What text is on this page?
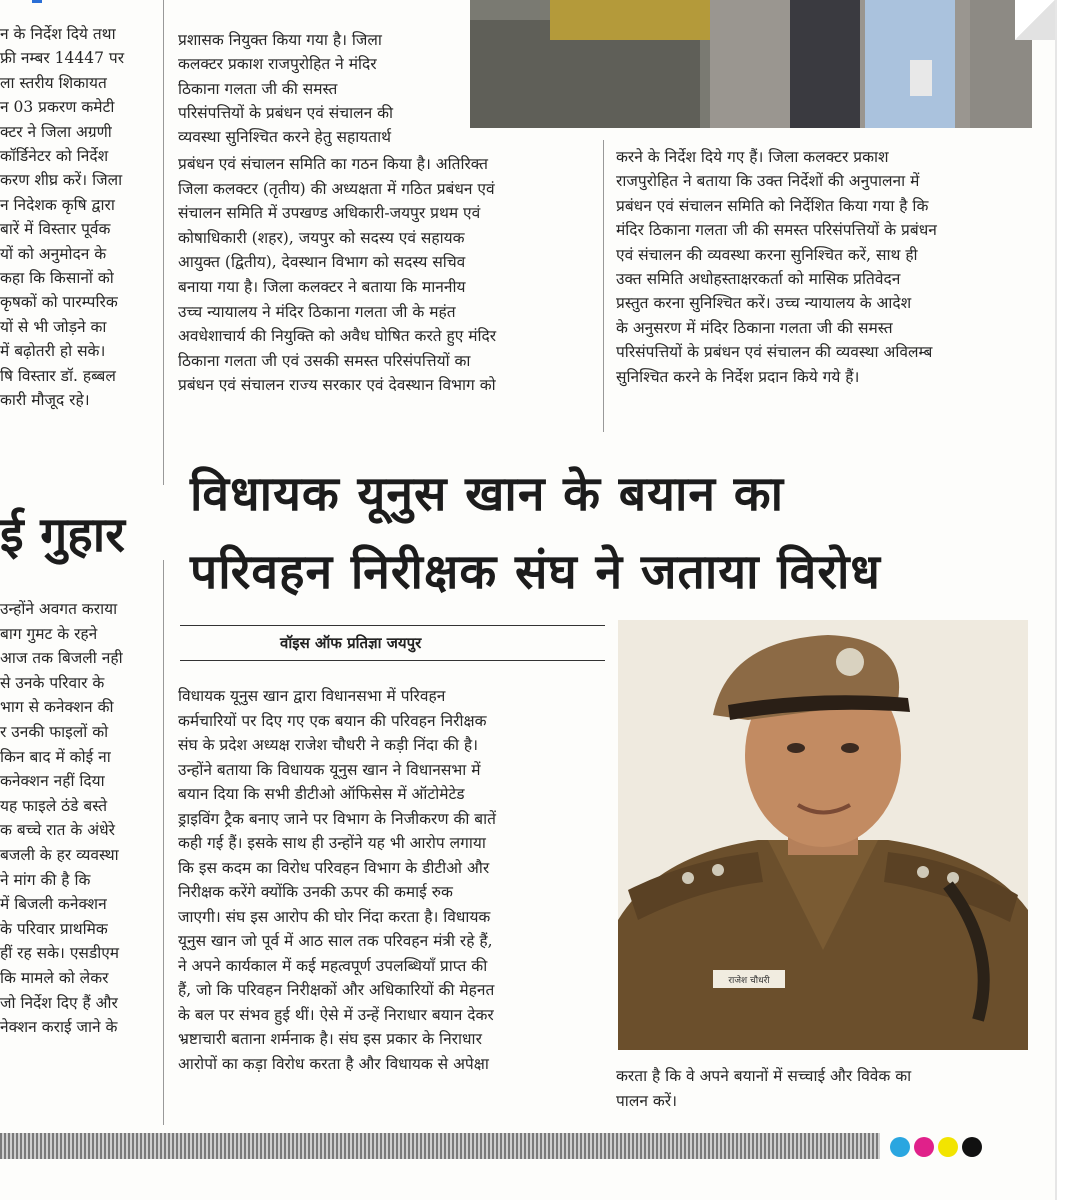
न के निर्देश दिये तथा

फ्री नम्बर 14447 पर

ला स्तरीय शिकायत

न 03 प्रकरण कमेटी

क्टर ने जिला अग्रणी

कॉर्डिनेटर को निर्देश

करण शीघ्र करें। जिला

न निदेशक कृषि द्वारा

बारें में विस्तार पूर्वक

यों को अनुमोदन के

कहा कि किसानों को

कृषकों को पारम्परिक

यों से भी जोड़ने का

में बढ़ोतरी हो सके।

षि विस्तार डॉ. हब्बल

कारी मौजूद रहे।

ई गुहार

उन्होंने अवगत कराया

बाग गुमट के रहने

आज तक बिजली नही

से उनके परिवार के

भाग से कनेक्शन की

र उनकी फाइलों को

किन बाद में कोई ना

कनेक्शन नहीं दिया

यह फाइले ठंडे बस्ते

क बच्चे रात के अंधेरे

बजली के हर व्यवस्था

ने मांग की है कि

में बिजली कनेक्शन

के परिवार प्राथमिक

हीं रह सके। एसडीएम

कि मामले को लेकर

जो निर्देश दिए हैं और

नेक्शन कराई जाने के

प्रशासक नियुक्त किया गया है। जिला

कलक्टर प्रकाश राजपुरोहित ने मंदिर

ठिकाना गलता जी की समस्त

परिसंपत्तियों के प्रबंधन एवं संचालन की

व्यवस्था सुनिश्चित करने हेतु सहायतार्थ

प्रबंधन एवं संचालन समिति का गठन किया है। अतिरिक्त

जिला कलक्टर (तृतीय) की अध्यक्षता में गठित प्रबंधन एवं

संचालन समिति में उपखण्ड अधिकारी-जयपुर प्रथम एवं

कोषाधिकारी (शहर), जयपुर को सदस्य एवं सहायक

आयुक्त (द्वितीय), देवस्थान विभाग को सदस्य सचिव

बनाया गया है। जिला कलक्टर ने बताया कि माननीय

उच्च न्यायालय ने मंदिर ठिकाना गलता जी के महंत

अवधेशाचार्य की नियुक्ति को अवैध घोषित करते हुए मंदिर

ठिकाना गलता जी एवं उसकी समस्त परिसंपत्तियों का

प्रबंधन एवं संचालन राज्य सरकार एवं देवस्थान विभाग को

करने के निर्देश दिये गए हैं। जिला कलक्टर प्रकाश

राजपुरोहित ने बताया कि उक्त निर्देशों की अनुपालना में

प्रबंधन एवं संचालन समिति को निर्देशित किया गया है कि

मंदिर ठिकाना गलता जी की समस्त परिसंपत्तियों के प्रबंधन

एवं संचालन की व्यवस्था करना सुनिश्चित करें, साथ ही

उक्त समिति अधोहस्ताक्षरकर्ता को मासिक प्रतिवेदन

प्रस्तुत करना सुनिश्चित करें। उच्च न्यायालय के आदेश

के अनुसरण में मंदिर ठिकाना गलता जी की समस्त

परिसंपत्तियों के प्रबंधन एवं संचालन की व्यवस्था अविलम्ब

सुनिश्चित करने के निर्देश प्रदान किये गये हैं।

विधायक यूनुस खान के बयान का
परिवहन निरीक्षक संघ ने जताया विरोध
वॉइस ऑफ प्रतिज्ञा जयपुर

विधायक यूनुस खान द्वारा विधानसभा में परिवहन

कर्मचारियों पर दिए गए एक बयान की परिवहन निरीक्षक

संघ के प्रदेश अध्यक्ष राजेश चौधरी ने कड़ी निंदा की है।

उन्होंने बताया कि विधायक यूनुस खान ने विधानसभा में

बयान दिया कि सभी डीटीओ ऑफिसेस में ऑटोमेटेड

ड्राइविंग ट्रैक बनाए जाने पर विभाग के निजीकरण की बातें

कही गई हैं। इसके साथ ही उन्होंने यह भी आरोप लगाया

कि इस कदम का विरोध परिवहन विभाग के डीटीओ और

निरीक्षक करेंगे क्योंकि उनकी ऊपर की कमाई रुक

जाएगी। संघ इस आरोप की घोर निंदा करता है। विधायक

यूनुस खान जो पूर्व में आठ साल तक परिवहन मंत्री रहे हैं,

ने अपने कार्यकाल में कई महत्वपूर्ण उपलब्धियाँ प्राप्त की

हैं, जो कि परिवहन निरीक्षकों और अधिकारियों की मेहनत

के बल पर संभव हुई थीं। ऐसे में उन्हें निराधार बयान देकर

भ्रष्टाचारी बताना शर्मनाक है। संघ इस प्रकार के निराधार

आरोपों का कड़ा विरोध करता है और विधायक से अपेक्षा

राजेश चौधरी

करता है कि वे अपने बयानों में सच्चाई और विवेक का

पालन करें।
